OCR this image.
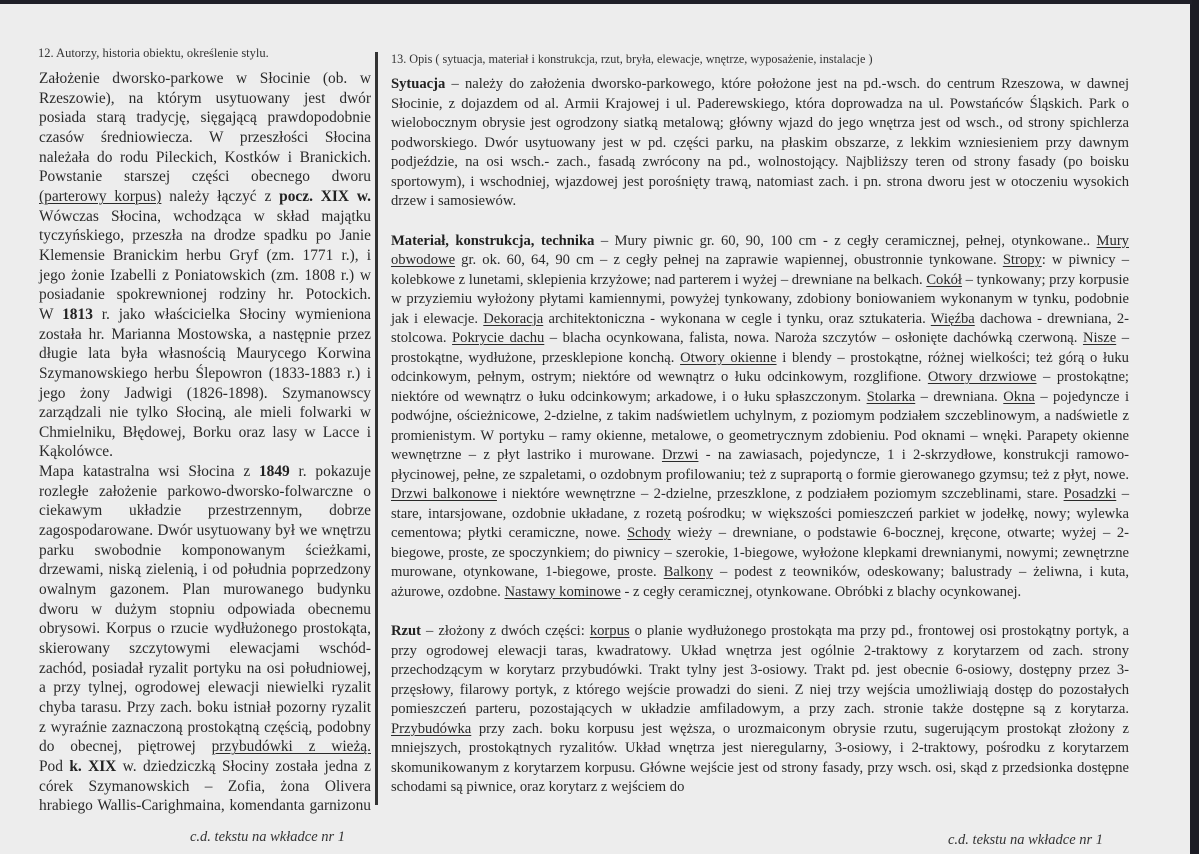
12. Autorzy, historia obiektu, określenie stylu.

Założenie dworsko-parkowe w Słocinie (ob. w Rzeszowie), na którym usytuowany jest dwór posiada starą tradycję, sięgającą prawdopodobnie czasów średniowiecza. W przeszłości Słocina należała do rodu Pileckich, Kostków i Branickich. Powstanie starszej części obecnego dworu (parterowy korpus) należy łączyć z pocz. XIX w. Wówczas Słocina, wchodząca w skład majątku tyczyńskiego, przeszła na drodze spadku po Janie Klemensie Branickim herbu Gryf (zm. 1771 r.), i jego żonie Izabelli z Poniatowskich (zm. 1808 r.) w posiadanie spokrewnionej rodziny hr. Potockich.

W 1813 r. jako właścicielka Słociny wymieniona została hr. Marianna Mostowska, a następnie przez długie lata była własnością Maurycego Korwina Szymanowskiego herbu Ślepowron (1833-1883 r.) i jego żony Jadwigi (1826-1898). Szymanowscy zarządzali nie tylko Słociną, ale mieli folwarki w Chmielniku, Błędowej, Borku oraz lasy w Lacce i Kąkolówce.

Mapa katastralna wsi Słocina z 1849 r. pokazuje rozległe założenie parkowo-dworsko-folwarczne o ciekawym układzie przestrzennym, dobrze zagospodarowane. Dwór usytuowany był we wnętrzu parku swobodnie komponowanym ścieżkami, drzewami, niską zielenią, i od południa poprzedzony owalnym gazonem. Plan murowanego budynku dworu w dużym stopniu odpowiada obecnemu obrysowi. Korpus o rzucie wydłużonego prostokąta, skierowany szczytowymi elewacjami wschód-zachód, posiadał ryzalit portyku na osi południowej, a przy tylnej, ogrodowej elewacji niewielki ryzalit chyba tarasu. Przy zach. boku istniał pozorny ryzalit z wyraźnie zaznaczoną prostokątną częścią, podobny do obecnej, piętrowej przybudówki z wieżą.

Pod k. XIX w. dziedziczką Słociny została jedna z córek Szymanowskich – Zofia, żona Olivera hrabiego Wallis-Carighmaina, komendanta garnizonu

13. Opis ( sytuacja, materiał i konstrukcja, rzut, bryła, elewacje, wnętrze, wyposażenie, instalacje )

Sytuacja – należy do założenia dworsko-parkowego, które położone jest na pd.-wsch. do centrum Rzeszowa, w dawnej Słocinie, z dojazdem od al. Armii Krajowej i ul. Paderewskiego, która doprowadza na ul. Powstańców Śląskich. Park o wielobocznym obrysie jest ogrodzony siatką metalową; główny wjazd do jego wnętrza jest od wsch., od strony spichlerza podworskiego. Dwór usytuowany jest w pd. części parku, na płaskim obszarze, z lekkim wzniesieniem przy dawnym podjeździe, na osi wsch.- zach., fasadą zwrócony na pd., wolnostojący. Najbliższy teren od strony fasady (po boisku sportowym), i wschodniej, wjazdowej jest porośnięty trawą, natomiast zach. i pn. strona dworu jest w otoczeniu wysokich drzew i samosiewów.

Materiał, konstrukcja, technika – Mury piwnic gr. 60, 90, 100 cm - z cegły ceramicznej, pełnej, otynkowane.. Mury obwodowe gr. ok. 60, 64, 90 cm – z cegły pełnej na zaprawie wapiennej, obustronnie tynkowane. Stropy: w piwnicy – kolebkowe z lunetami, sklepienia krzyżowe; nad parterem i wyżej – drewniane na belkach. Cokół – tynkowany; przy korpusie w przyziemiu wyłożony płytami kamiennymi, powyżej tynkowany, zdobiony boniowaniem wykonanym w tynku, podobnie jak i elewacje. Dekoracja architektoniczna - wykonana w cegle i tynku, oraz sztukateria. Więźba dachowa - drewniana, 2-stolcowa. Pokrycie dachu – blacha ocynkowana, falista, nowa. Naroża szczytów – osłonięte dachówką czerwoną. Nisze – prostokątne, wydłużone, przesklepione konchą. Otwory okienne i blendy – prostokątne, różnej wielkości; też górą o łuku odcinkowym, pełnym, ostrym; niektóre od wewnątrz o łuku odcinkowym, rozglifione. Otwory drzwiowe – prostokątne; niektóre od wewnątrz o łuku odcinkowym; arkadowe, i o łuku spłaszczonym. Stolarka – drewniana. Okna – pojedyncze i podwójne, ościeżnicowe, 2-dzielne, z takim nadświetlem uchylnym, z poziomym podziałem szczeblinowym, a nadświetle z promienistym. W portyku – ramy okienne, metalowe, o geometrycznym zdobieniu. Pod oknami – wnęki. Parapety okienne wewnętrzne – z płyt lastriko i murowane. Drzwi - na zawiasach, pojedyncze, 1 i 2-skrzydłowe, konstrukcji ramowo-płycinowej, pełne, ze szpaletami, o ozdobnym profilowaniu; też z supraportą o formie gierowanego gzymsu; też z płyt, nowe. Drzwi balkonowe i niektóre wewnętrzne – 2-dzielne, przeszklone, z podziałem poziomym szczeblinami, stare. Posadzki – stare, intarsjowane, ozdobnie układane, z rozetą pośrodku; w większości pomieszczeń parkiet w jodełkę, nowy; wylewka cementowa; płytki ceramiczne, nowe. Schody wieży – drewniane, o podstawie 6-bocznej, kręcone, otwarte; wyżej – 2-biegowe, proste, ze spoczynkiem; do piwnicy – szerokie, 1-biegowe, wyłożone klepkami drewnianymi, nowymi; zewnętrzne murowane, otynkowane, 1-biegowe, proste. Balkony – podest z teowników, odeskowany; balustrady – żeliwna, i kuta, ażurowe, ozdobne. Nastawy kominowe - z cegły ceramicznej, otynkowane. Obróbki z blachy ocynkowanej.

Rzut – złożony z dwóch części: korpus o planie wydłużonego prostokąta ma przy pd., frontowej osi prostokątny portyk, a przy ogrodowej elewacji taras, kwadratowy. Układ wnętrza jest ogólnie 2-traktowy z korytarzem od zach. strony przechodzącym w korytarz przybudówki. Trakt tylny jest 3-osiowy. Trakt pd. jest obecnie 6-osiowy, dostępny przez 3-przęsłowy, filarowy portyk, z którego wejście prowadzi do sieni. Z niej trzy wejścia umożliwiają dostęp do pozostałych pomieszczeń parteru, pozostających w układzie amfiladowym, a przy zach. stronie także dostępne są z korytarza. Przybudówka przy zach. boku korpusu jest węższa, o urozmaiconym obrysie rzutu, sugerującym prostokąt złożony z mniejszych, prostokątnych ryzalitów. Układ wnętrza jest nieregularny, 3-osiowy, i 2-traktowy, pośrodku z korytarzem skomunikowanym z korytarzem korpusu. Główne wejście jest od strony fasady, przy wsch. osi, skąd z przedsionka dostępne schodami są piwnice, oraz korytarz z wejściem do

c.d. tekstu na wkładce nr 1	c.d. tekstu na wkładce nr 1
